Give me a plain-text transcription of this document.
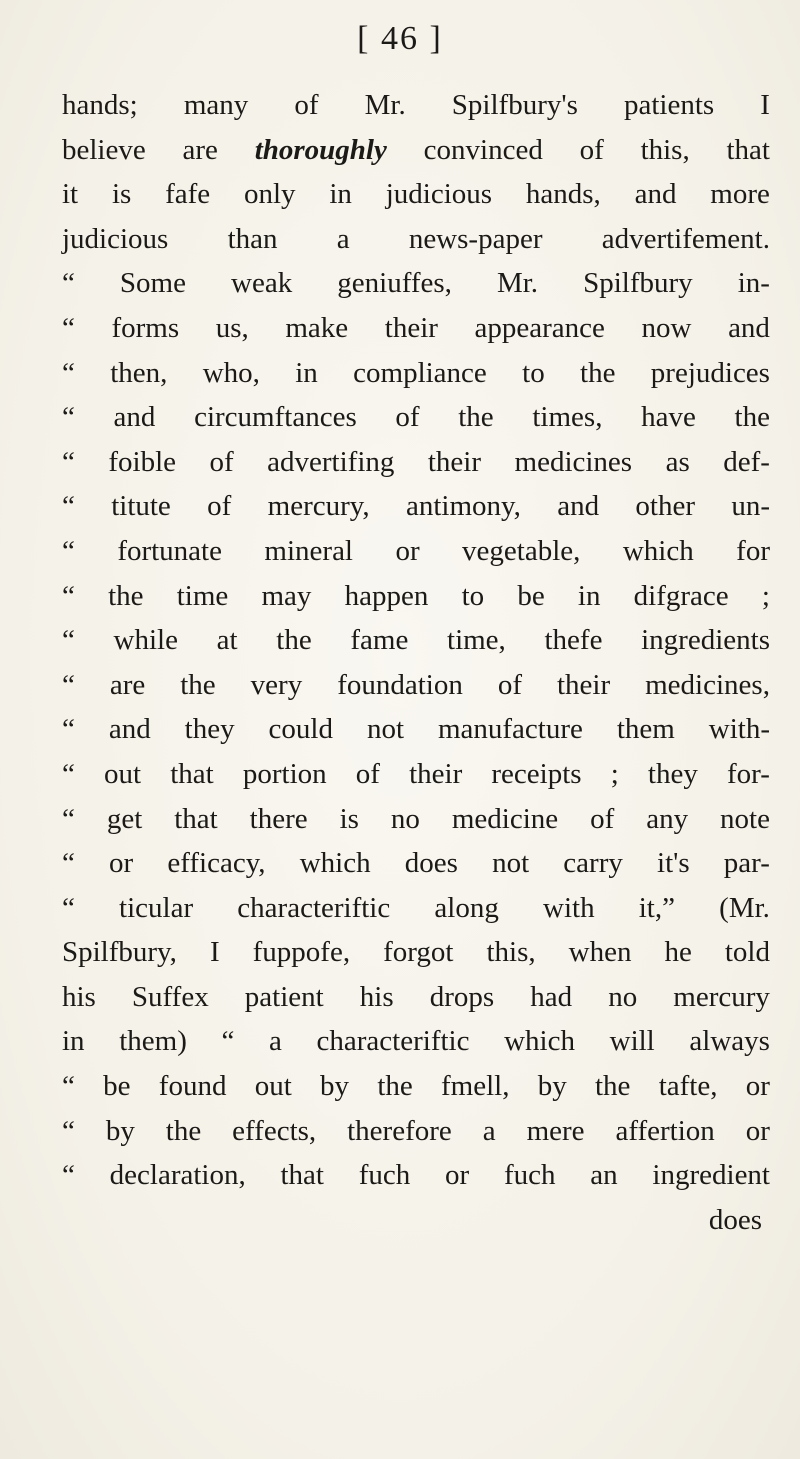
[ 46 ]
hands; many of Mr. Spilfbury's patients I
believe are thoroughly convinced of this, that
it is fafe only in judicious hands, and more
judicious than a news-paper advertifement.
“ Some weak geniuffes, Mr. Spilfbury in-
“ forms us, make their appearance now and
“ then, who, in compliance to the prejudices
“ and circumftances of the times, have the
“ foible of advertifing their medicines as def-
“ titute of mercury, antimony, and other un-
“ fortunate mineral or vegetable, which for
“ the time may happen to be in difgrace ;
“ while at the fame time, thefe ingredients
“ are the very foundation of their medicines,
“ and they could not manufacture them with-
“ out that portion of their receipts ; they for-
“ get that there is no medicine of any note
“ or efficacy, which does not carry it's par-
“ ticular characteriftic along with it,” (Mr.
Spilfbury, I fuppofe, forgot this, when he told
his Suffex patient his drops had no mercury
in them) “ a characteriftic which will always
“ be found out by the fmell, by the tafte, or
“ by the effects, therefore a mere affertion or
“ declaration, that fuch or fuch an ingredient
does
